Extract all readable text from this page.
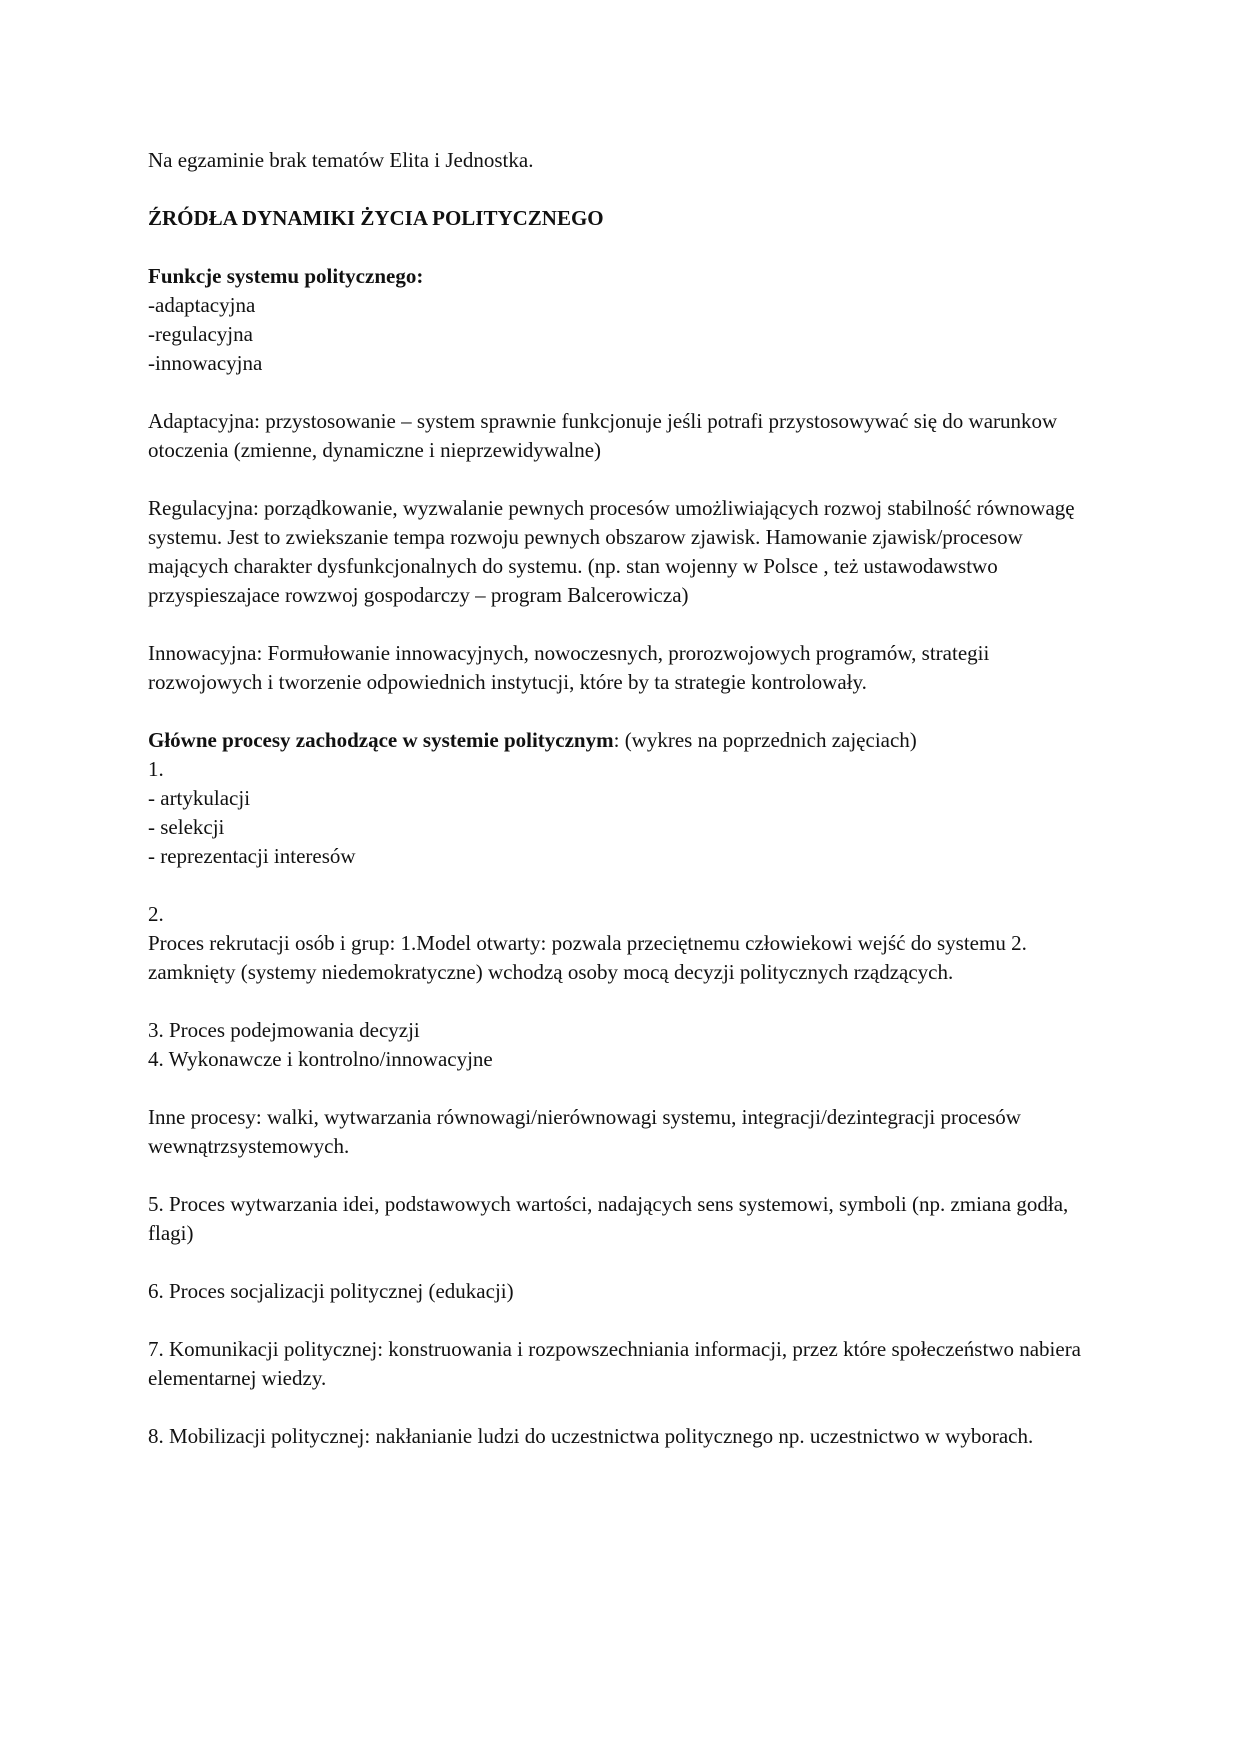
Na egzaminie brak tematów Elita i Jednostka.

ŹRÓDŁA DYNAMIKI ŻYCIA POLITYCZNEGO

Funkcje systemu politycznego:

-adaptacyjna

-regulacyjna

-innowacyjna

Adaptacyjna: przystosowanie – system sprawnie funkcjonuje jeśli potrafi przystosowywać się do warunkow otoczenia (zmienne, dynamiczne i nieprzewidywalne)

Regulacyjna: porządkowanie, wyzwalanie pewnych procesów umożliwiających rozwoj stabilność równowagę systemu. Jest to zwiekszanie tempa rozwoju pewnych obszarow zjawisk. Hamowanie zjawisk/procesow mających charakter dysfunkcjonalnych do systemu. (np. stan wojenny w Polsce , też ustawodawstwo przyspieszajace rowzwoj gospodarczy – program Balcerowicza)

Innowacyjna: Formułowanie innowacyjnych, nowoczesnych, prorozwojowych programów, strategii rozwojowych i tworzenie odpowiednich instytucji, które by ta strategie kontrolowały.

Główne procesy zachodzące w systemie politycznym: (wykres na poprzednich zajęciach)

1.

- artykulacji

- selekcji

- reprezentacji interesów

2.

Proces rekrutacji osób i grup: 1.Model otwarty: pozwala przeciętnemu człowiekowi wejść do systemu 2. zamknięty (systemy niedemokratyczne) wchodzą osoby mocą decyzji politycznych rządzących.

3. Proces podejmowania decyzji

4. Wykonawcze i kontrolno/innowacyjne

Inne procesy: walki, wytwarzania równowagi/nierównowagi systemu, integracji/dezintegracji procesów wewnątrzsystemowych.

5. Proces wytwarzania idei, podstawowych wartości, nadających sens systemowi, symboli (np. zmiana godła, flagi)

6. Proces socjalizacji politycznej (edukacji)

7. Komunikacji politycznej: konstruowania i rozpowszechniania informacji, przez które społeczeństwo nabiera elementarnej wiedzy.

8. Mobilizacji politycznej: nakłanianie ludzi do uczestnictwa politycznego np. uczestnictwo w wyborach.
